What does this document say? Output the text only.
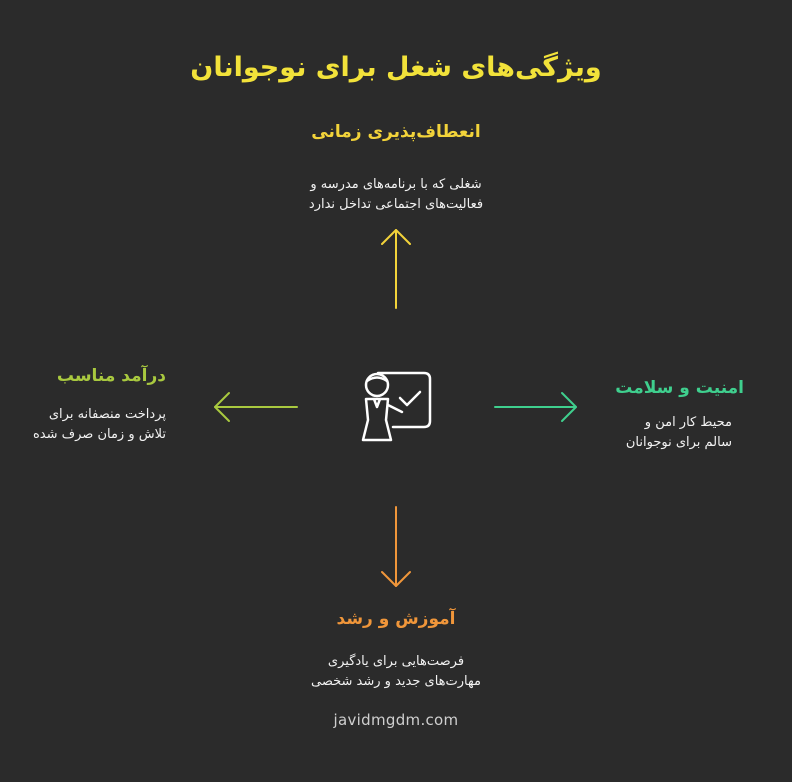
ویژگی‌های شغل برای نوجوانان
انعطاف‌پذیری زمانی
شغلی که با برنامه‌های مدرسه و
فعالیت‌های اجتماعی تداخل ندارد
درآمد مناسب
پرداخت منصفانه برای
تلاش و زمان صرف شده
امنیت و سلامت
محیط کار امن و
سالم برای نوجوانان
آموزش و رشد
فرصت‌هایی برای یادگیری
مهارت‌های جدید و رشد شخصی
javidmgdm.com
